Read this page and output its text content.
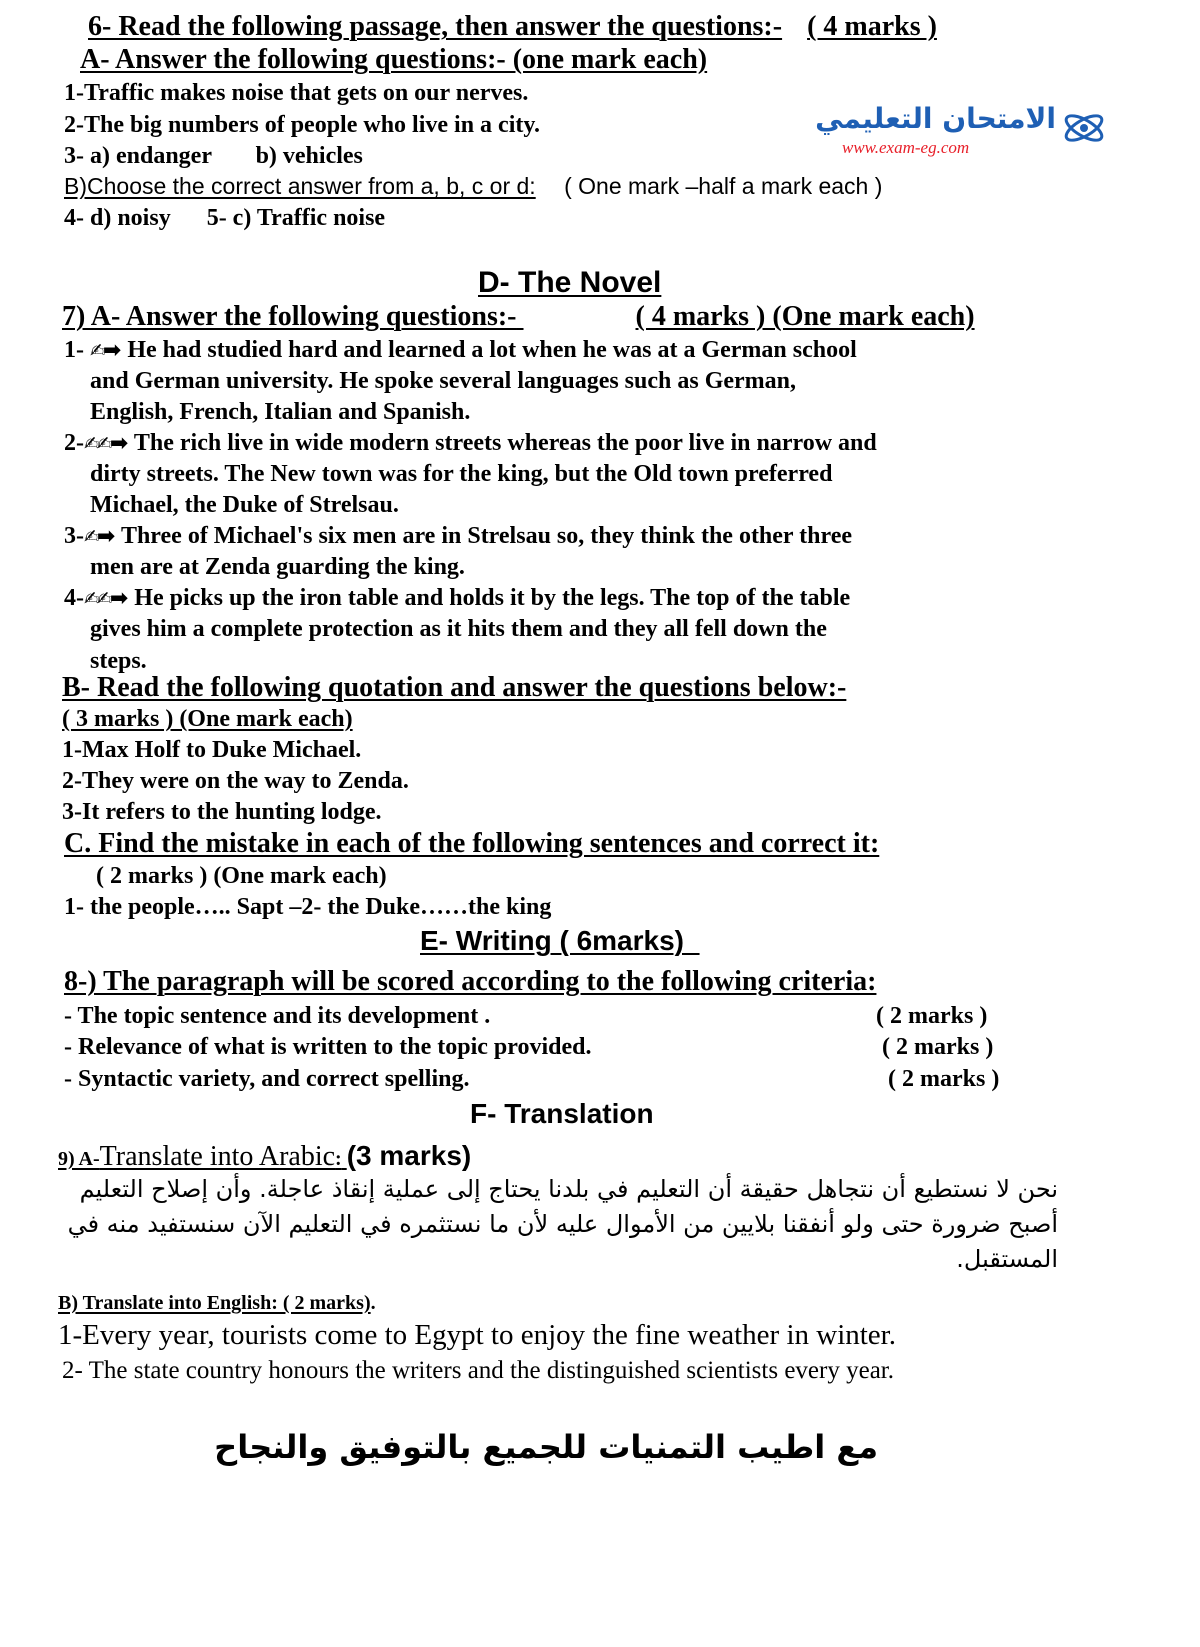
6- Read the following passage, then answer the questions:- ( 4 marks )
A- Answer the following questions:- (one mark each)
1-Traffic makes noise that gets on our nerves.
2-The big numbers of people who live in a city.
3- a) endanger b) vehicles
B)Choose the correct answer from a, b, c or d: ( One mark –half a mark each )
4- d) noisy 5- c) Traffic noise
الامتحان التعليمي
www.exam-eg.com
D- The Novel
7) A- Answer the following questions:-	( 4 marks ) (One mark each)
1- ✍➡ He had studied hard and learned a lot when he was at a German school
and German university. He spoke several languages such as German,
English, French, Italian and Spanish.
2-✍✍➡ The rich live in wide modern streets whereas the poor live in narrow and
dirty streets. The New town was for the king, but the Old town preferred
Michael, the Duke of Strelsau.
3-✍➡ Three of Michael's six men are in Strelsau so, they think the other three
men are at Zenda guarding the king.
4-✍✍➡ He picks up the iron table and holds it by the legs. The top of the table
gives him a complete protection as it hits them and they all fell down the
steps.
B- Read the following quotation and answer the questions below:-
( 3 marks ) (One mark each)
1-Max Holf to Duke Michael.
2-They were on the way to Zenda.
3-It refers to the hunting lodge.
C. Find the mistake in each of the following sentences and correct it:
( 2 marks ) (One mark each)
1- the people….. Sapt –2- the Duke……the king
E- Writing ( 6marks)
8-) The paragraph will be scored according to the following criteria:
- The topic sentence and its development .	( 2 marks )
- Relevance of what is written to the topic provided.	( 2 marks )
- Syntactic variety, and correct spelling.	( 2 marks )
F- Translation
9) A-Translate into Arabic: (3 marks)
نحن لا نستطيع أن نتجاهل حقيقة أن التعليم في بلدنا يحتاج إلى عملية إنقاذ عاجلة. وأن إصلاح التعليم
أصبح ضرورة حتى ولو أنفقنا بلايين من الأموال عليه لأن ما نستثمره في التعليم الآن سنستفيد منه في
المستقبل.
B) Translate into English: ( 2 marks).
1-Every year, tourists come to Egypt to enjoy the fine weather in winter.
2- The state country honours the writers and the distinguished scientists every year.
مع اطيب التمنيات للجميع بالتوفيق والنجاح
